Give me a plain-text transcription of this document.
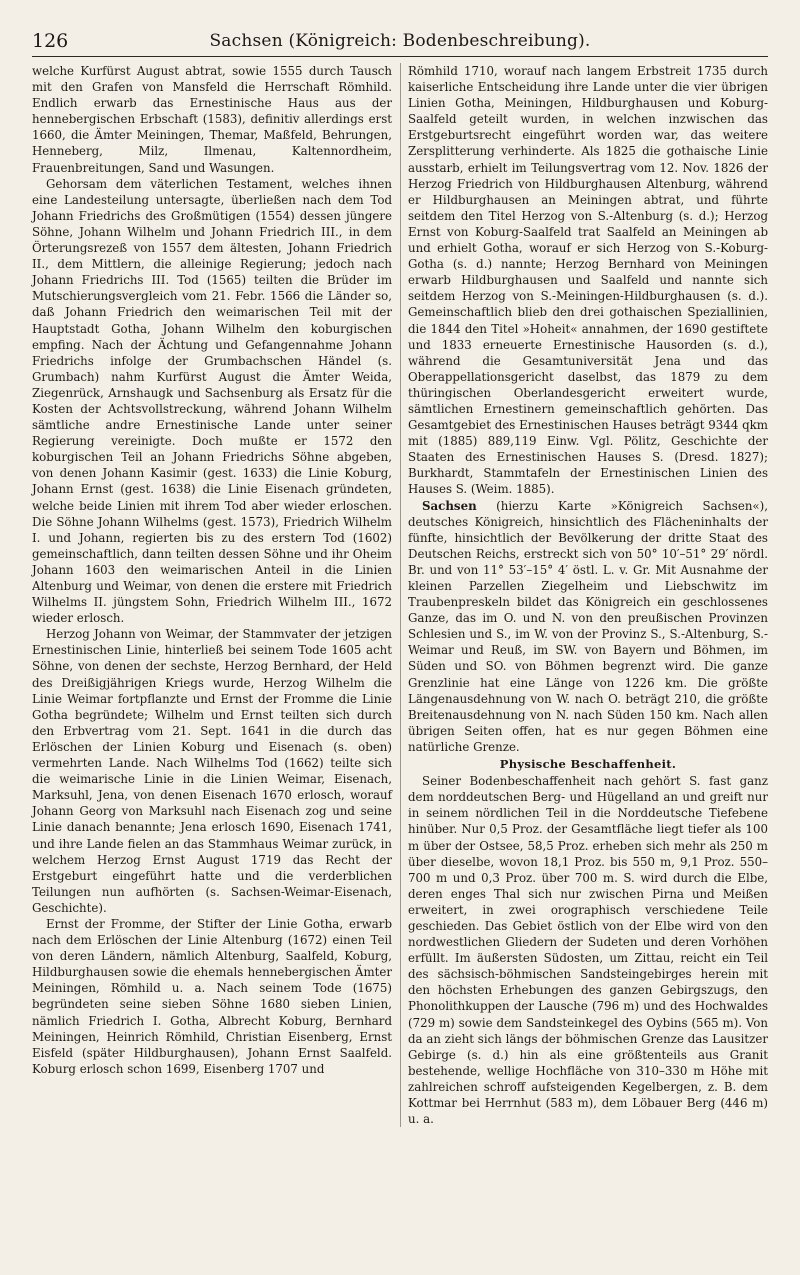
126	Sachsen (Königreich: Bodenbeschreibung).

welche Kurfürst August abtrat, sowie 1555 durch Tausch mit den Grafen von Mansfeld die Herrschaft Römhild. Endlich erwarb das Ernestinische Haus aus der hennebergischen Erbschaft (1583), definitiv allerdings erst 1660, die Ämter Meiningen, Themar, Maßfeld, Behrungen, Henneberg, Milz, Ilmenau, Kaltennordheim, Frauenbreitungen, Sand und Wasungen.

Gehorsam dem väterlichen Testament, welches ihnen eine Landesteilung untersagte, überließen nach dem Tod Johann Friedrichs des Großmütigen (1554) dessen jüngere Söhne, Johann Wilhelm und Johann Friedrich III., in dem Örterungsrezeß von 1557 dem ältesten, Johann Friedrich II., dem Mittlern, die alleinige Regierung; jedoch nach Johann Friedrichs III. Tod (1565) teilten die Brüder im Mutschierungsvergleich vom 21. Febr. 1566 die Länder so, daß Johann Friedrich den weimarischen Teil mit der Hauptstadt Gotha, Johann Wilhelm den koburgischen empfing. Nach der Ächtung und Gefangennahme Johann Friedrichs infolge der Grumbachschen Händel (s. Grumbach) nahm Kurfürst August die Ämter Weida, Ziegenrück, Arnshaugk und Sachsenburg als Ersatz für die Kosten der Achtsvollstreckung, während Johann Wilhelm sämtliche andre Ernestinische Lande unter seiner Regierung vereinigte. Doch mußte er 1572 den koburgischen Teil an Johann Friedrichs Söhne abgeben, von denen Johann Kasimir (gest. 1633) die Linie Koburg, Johann Ernst (gest. 1638) die Linie Eisenach gründeten, welche beide Linien mit ihrem Tod aber wieder erloschen. Die Söhne Johann Wilhelms (gest. 1573), Friedrich Wilhelm I. und Johann, regierten bis zu des erstern Tod (1602) gemeinschaftlich, dann teilten dessen Söhne und ihr Oheim Johann 1603 den weimarischen Anteil in die Linien Altenburg und Weimar, von denen die erstere mit Friedrich Wilhelms II. jüngstem Sohn, Friedrich Wilhelm III., 1672 wieder erlosch.

Herzog Johann von Weimar, der Stammvater der jetzigen Ernestinischen Linie, hinterließ bei seinem Tode 1605 acht Söhne, von denen der sechste, Herzog Bernhard, der Held des Dreißigjährigen Kriegs wurde, Herzog Wilhelm die Linie Weimar fortpflanzte und Ernst der Fromme die Linie Gotha begründete; Wilhelm und Ernst teilten sich durch den Erbvertrag vom 21. Sept. 1641 in die durch das Erlöschen der Linien Koburg und Eisenach (s. oben) vermehrten Lande. Nach Wilhelms Tod (1662) teilte sich die weimarische Linie in die Linien Weimar, Eisenach, Marksuhl, Jena, von denen Eisenach 1670 erlosch, worauf Johann Georg von Marksuhl nach Eisenach zog und seine Linie danach benannte; Jena erlosch 1690, Eisenach 1741, und ihre Lande fielen an das Stammhaus Weimar zurück, in welchem Herzog Ernst August 1719 das Recht der Erstgeburt eingeführt hatte und die verderblichen Teilungen nun aufhörten (s. Sachsen-Weimar-Eisenach, Geschichte).

Ernst der Fromme, der Stifter der Linie Gotha, erwarb nach dem Erlöschen der Linie Altenburg (1672) einen Teil von deren Ländern, nämlich Altenburg, Saalfeld, Koburg, Hildburghausen sowie die ehemals hennebergischen Ämter Meiningen, Römhild u. a. Nach seinem Tode (1675) begründeten seine sieben Söhne 1680 sieben Linien, nämlich Friedrich I. Gotha, Albrecht Koburg, Bernhard Meiningen, Heinrich Römhild, Christian Eisenberg, Ernst Eisfeld (später Hildburghausen), Johann Ernst Saalfeld. Koburg erlosch schon 1699, Eisenberg 1707 und

Römhild 1710, worauf nach langem Erbstreit 1735 durch kaiserliche Entscheidung ihre Lande unter die vier übrigen Linien Gotha, Meiningen, Hildburghausen und Koburg-Saalfeld geteilt wurden, in welchen inzwischen das Erstgeburtsrecht eingeführt worden war, das weitere Zersplitterung verhinderte. Als 1825 die gothaische Linie ausstarb, erhielt im Teilungsvertrag vom 12. Nov. 1826 der Herzog Friedrich von Hildburghausen Altenburg, während er Hildburghausen an Meiningen abtrat, und führte seitdem den Titel Herzog von S.-Altenburg (s. d.); Herzog Ernst von Koburg-Saalfeld trat Saalfeld an Meiningen ab und erhielt Gotha, worauf er sich Herzog von S.-Koburg-Gotha (s. d.) nannte; Herzog Bernhard von Meiningen erwarb Hildburghausen und Saalfeld und nannte sich seitdem Herzog von S.-Meiningen-Hildburghausen (s. d.). Gemeinschaftlich blieb den drei gothaischen Speziallinien, die 1844 den Titel »Hoheit« annahmen, der 1690 gestiftete und 1833 erneuerte Ernestinische Hausorden (s. d.), während die Gesamtuniversität Jena und das Oberappellationsgericht daselbst, das 1879 zu dem thüringischen Oberlandesgericht erweitert wurde, sämtlichen Ernestinern gemeinschaftlich gehörten. Das Gesamtgebiet des Ernestinischen Hauses beträgt 9344 qkm mit (1885) 889,119 Einw. Vgl. Pölitz, Geschichte der Staaten des Ernestinischen Hauses S. (Dresd. 1827); Burkhardt, Stammtafeln der Ernestinischen Linien des Hauses S. (Weim. 1885).

Sachsen (hierzu Karte »Königreich Sachsen«), deutsches Königreich, hinsichtlich des Flächeninhalts der fünfte, hinsichtlich der Bevölkerung der dritte Staat des Deutschen Reichs, erstreckt sich von 50° 10′–51° 29′ nördl. Br. und von 11° 53′–15° 4′ östl. L. v. Gr. Mit Ausnahme der kleinen Parzellen Ziegelheim und Liebschwitz im Traubenpreskeln bildet das Königreich ein geschlossenes Ganze, das im O. und N. von den preußischen Provinzen Schlesien und S., im W. von der Provinz S., S.-Altenburg, S.-Weimar und Reuß, im SW. von Bayern und Böhmen, im Süden und SO. von Böhmen begrenzt wird. Die ganze Grenzlinie hat eine Länge von 1226 km. Die größte Längenausdehnung von W. nach O. beträgt 210, die größte Breitenausdehnung von N. nach Süden 150 km. Nach allen übrigen Seiten offen, hat es nur gegen Böhmen eine natürliche Grenze.

Physische Beschaffenheit.

Seiner Bodenbeschaffenheit nach gehört S. fast ganz dem norddeutschen Berg- und Hügelland an und greift nur in seinem nördlichen Teil in die Norddeutsche Tiefebene hinüber. Nur 0,5 Proz. der Gesamtfläche liegt tiefer als 100 m über der Ostsee, 58,5 Proz. erheben sich mehr als 250 m über dieselbe, wovon 18,1 Proz. bis 550 m, 9,1 Proz. 550–700 m und 0,3 Proz. über 700 m. S. wird durch die Elbe, deren enges Thal sich nur zwischen Pirna und Meißen erweitert, in zwei orographisch verschiedene Teile geschieden. Das Gebiet östlich von der Elbe wird von den nordwestlichen Gliedern der Sudeten und deren Vorhöhen erfüllt. Im äußersten Südosten, um Zittau, reicht ein Teil des sächsisch-böhmischen Sandsteingebirges herein mit den höchsten Erhebungen des ganzen Gebirgszugs, den Phonolithkuppen der Lausche (796 m) und des Hochwaldes (729 m) sowie dem Sandsteinkegel des Oybins (565 m). Von da an zieht sich längs der böhmischen Grenze das Lausitzer Gebirge (s. d.) hin als eine größtenteils aus Granit bestehende, wellige Hochfläche von 310–330 m Höhe mit zahlreichen schroff aufsteigenden Kegelbergen, z. B. dem Kottmar bei Herrnhut (583 m), dem Löbauer Berg (446 m) u. a.
